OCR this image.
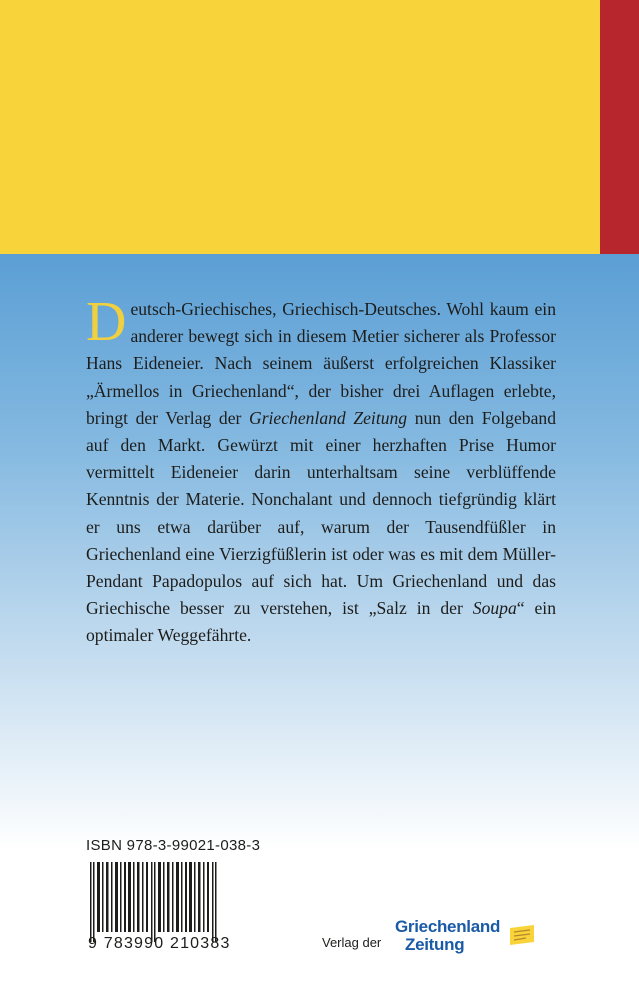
Deutsch-Griechisches, Griechisch-Deutsches. Wohl kaum ein anderer bewegt sich in diesem Metier sicherer als Professor Hans Eideneier. Nach seinem äußerst erfolgreichen Klassiker „Ärmellos in Griechenland“, der bisher drei Auflagen erlebte, bringt der Verlag der Griechenland Zeitung nun den Folgeband auf den Markt. Gewürzt mit einer herzhaften Prise Humor vermittelt Eideneier darin unterhaltsam seine verblüffende Kenntnis der Materie. Nonchalant und dennoch tiefgründig klärt er uns etwa darüber auf, warum der Tausendfüßler in Griechenland eine Vierzigfüßlerin ist oder was es mit dem Müller-Pendant Papadopulos auf sich hat. Um Griechenland und das Griechische besser zu verstehen, ist „Salz in der Soupa“ ein optimaler Weggefährte.

ISBN 978-3-99021-038-3
9 783990 210383	Verlag der
Griechenland
Zeitung
